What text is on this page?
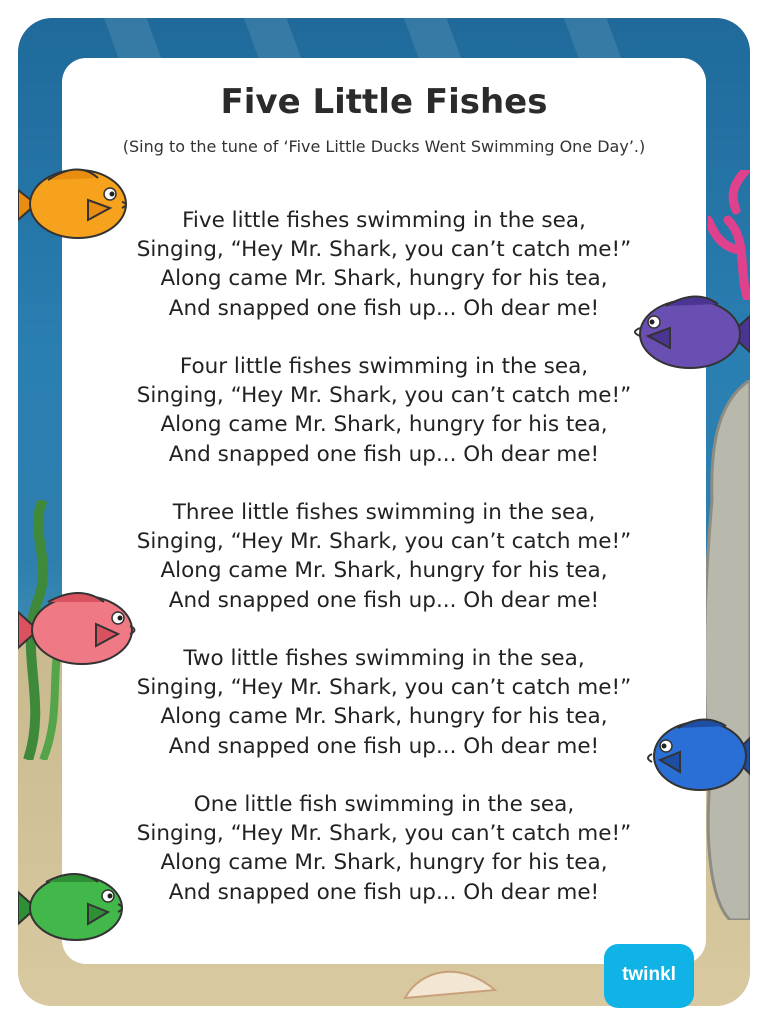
Five Little Fishes
(Sing to the tune of ‘Five Little Ducks Went Swimming One Day’.)
Five little fishes swimming in the sea,
Singing, “Hey Mr. Shark, you can’t catch me!”
Along came Mr. Shark, hungry for his tea,
And snapped one fish up... Oh dear me!
Four little fishes swimming in the sea,
Singing, “Hey Mr. Shark, you can’t catch me!”
Along came Mr. Shark, hungry for his tea,
And snapped one fish up... Oh dear me!
Three little fishes swimming in the sea,
Singing, “Hey Mr. Shark, you can’t catch me!”
Along came Mr. Shark, hungry for his tea,
And snapped one fish up... Oh dear me!
Two little fishes swimming in the sea,
Singing, “Hey Mr. Shark, you can’t catch me!”
Along came Mr. Shark, hungry for his tea,
And snapped one fish up... Oh dear me!
One little fish swimming in the sea,
Singing, “Hey Mr. Shark, you can’t catch me!”
Along came Mr. Shark, hungry for his tea,
And snapped one fish up... Oh dear me!
twinkl
